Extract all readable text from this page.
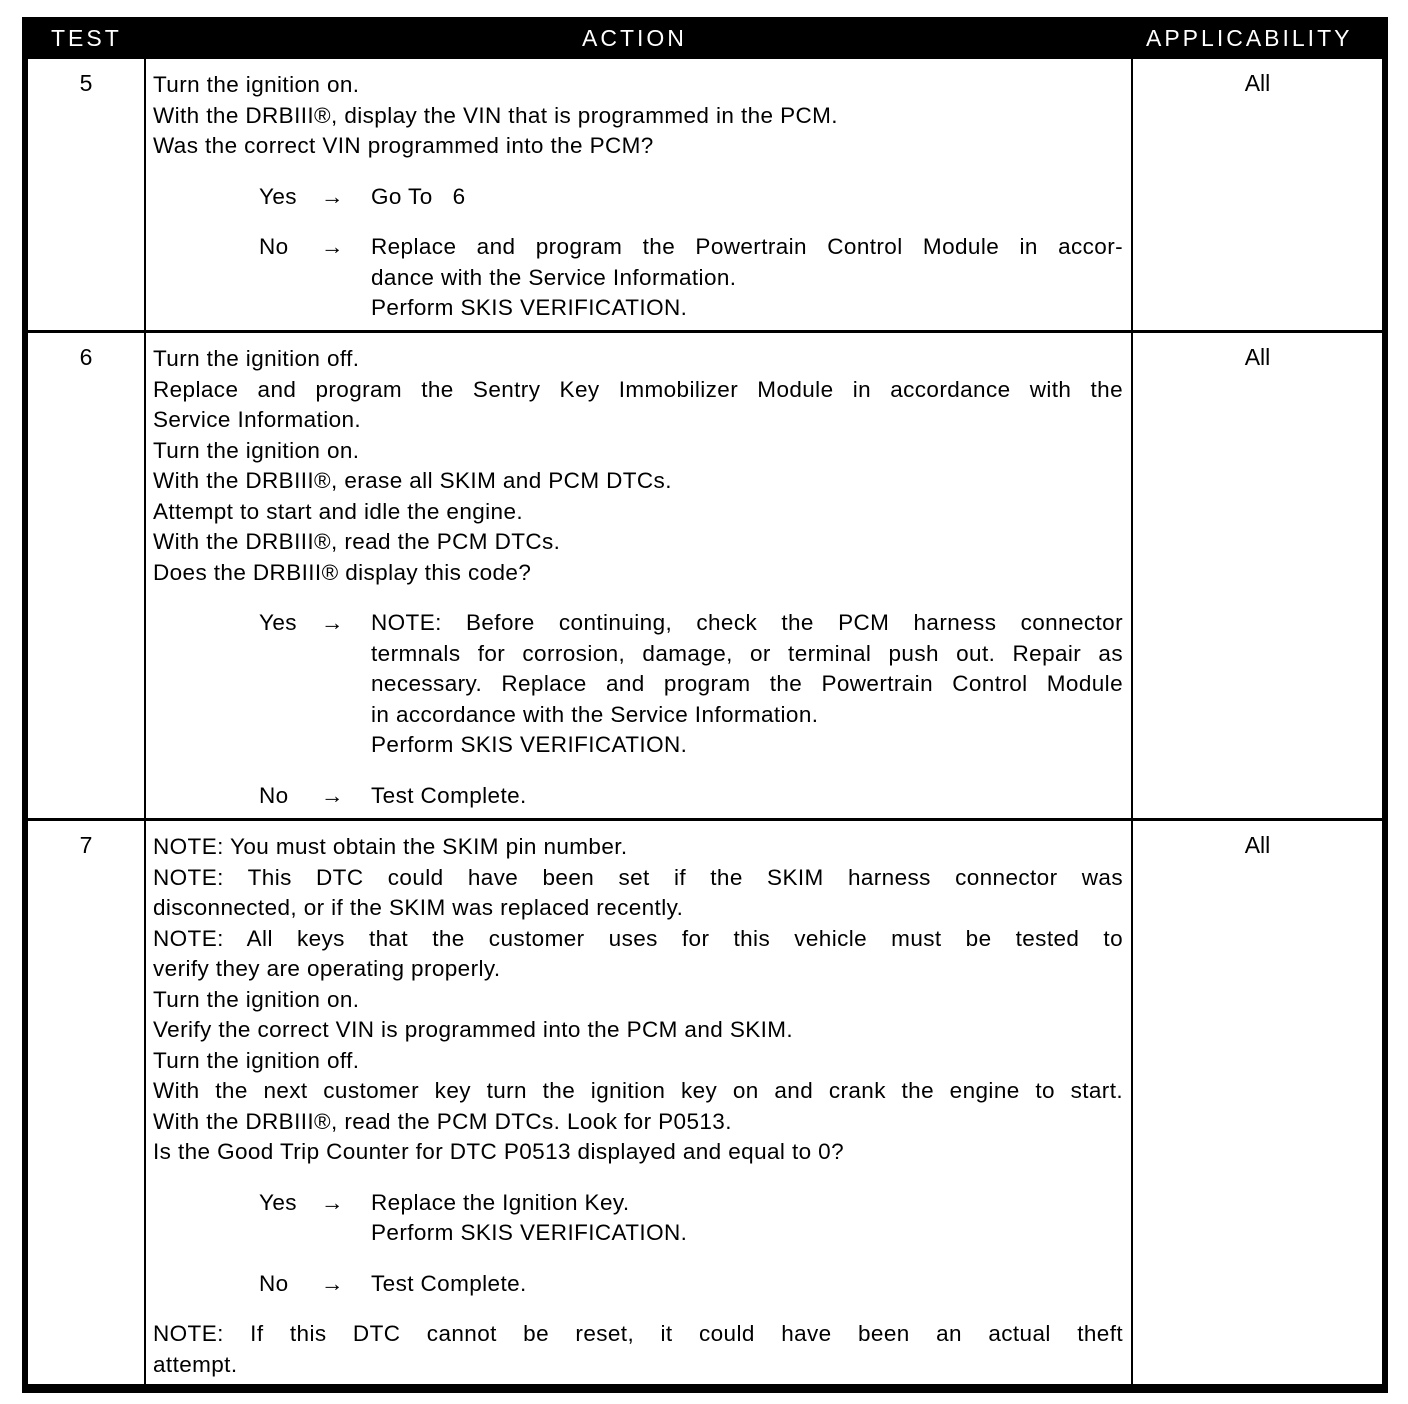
TEST	ACTION	APPLICABILITY
5	Turn the ignition on.
With the DRBIII®, display the VIN that is programmed in the PCM.
Was the correct VIN programmed into the PCM?
Yes → Go To   6
No → Replace and program the Powertrain Control Module in accor-
dance with the Service Information.
Perform SKIS VERIFICATION.
All
6	Turn the ignition off.
Replace and program the Sentry Key Immobilizer Module in accordance with the
Service Information.
Turn the ignition on.
With the DRBIII®, erase all SKIM and PCM DTCs.
Attempt to start and idle the engine.
With the DRBIII®, read the PCM DTCs.
Does the DRBIII® display this code?
Yes → NOTE: Before continuing, check the PCM harness connector
termnals for corrosion, damage, or terminal push out. Repair as
necessary. Replace and program the Powertrain Control Module
in accordance with the Service Information.
Perform SKIS VERIFICATION.
No → Test Complete.
All
7	NOTE: You must obtain the SKIM pin number.
NOTE: This DTC could have been set if the SKIM harness connector was
disconnected, or if the SKIM was replaced recently.
NOTE: All keys that the customer uses for this vehicle must be tested to
verify they are operating properly.
Turn the ignition on.
Verify the correct VIN is programmed into the PCM and SKIM.
Turn the ignition off.
With the next customer key turn the ignition key on and crank the engine to start.
With the DRBIII®, read the PCM DTCs. Look for P0513.
Is the Good Trip Counter for DTC P0513 displayed and equal to 0?
Yes → Replace the Ignition Key.
Perform SKIS VERIFICATION.
No → Test Complete.
NOTE: If this DTC cannot be reset, it could have been an actual theft
attempt.
All
